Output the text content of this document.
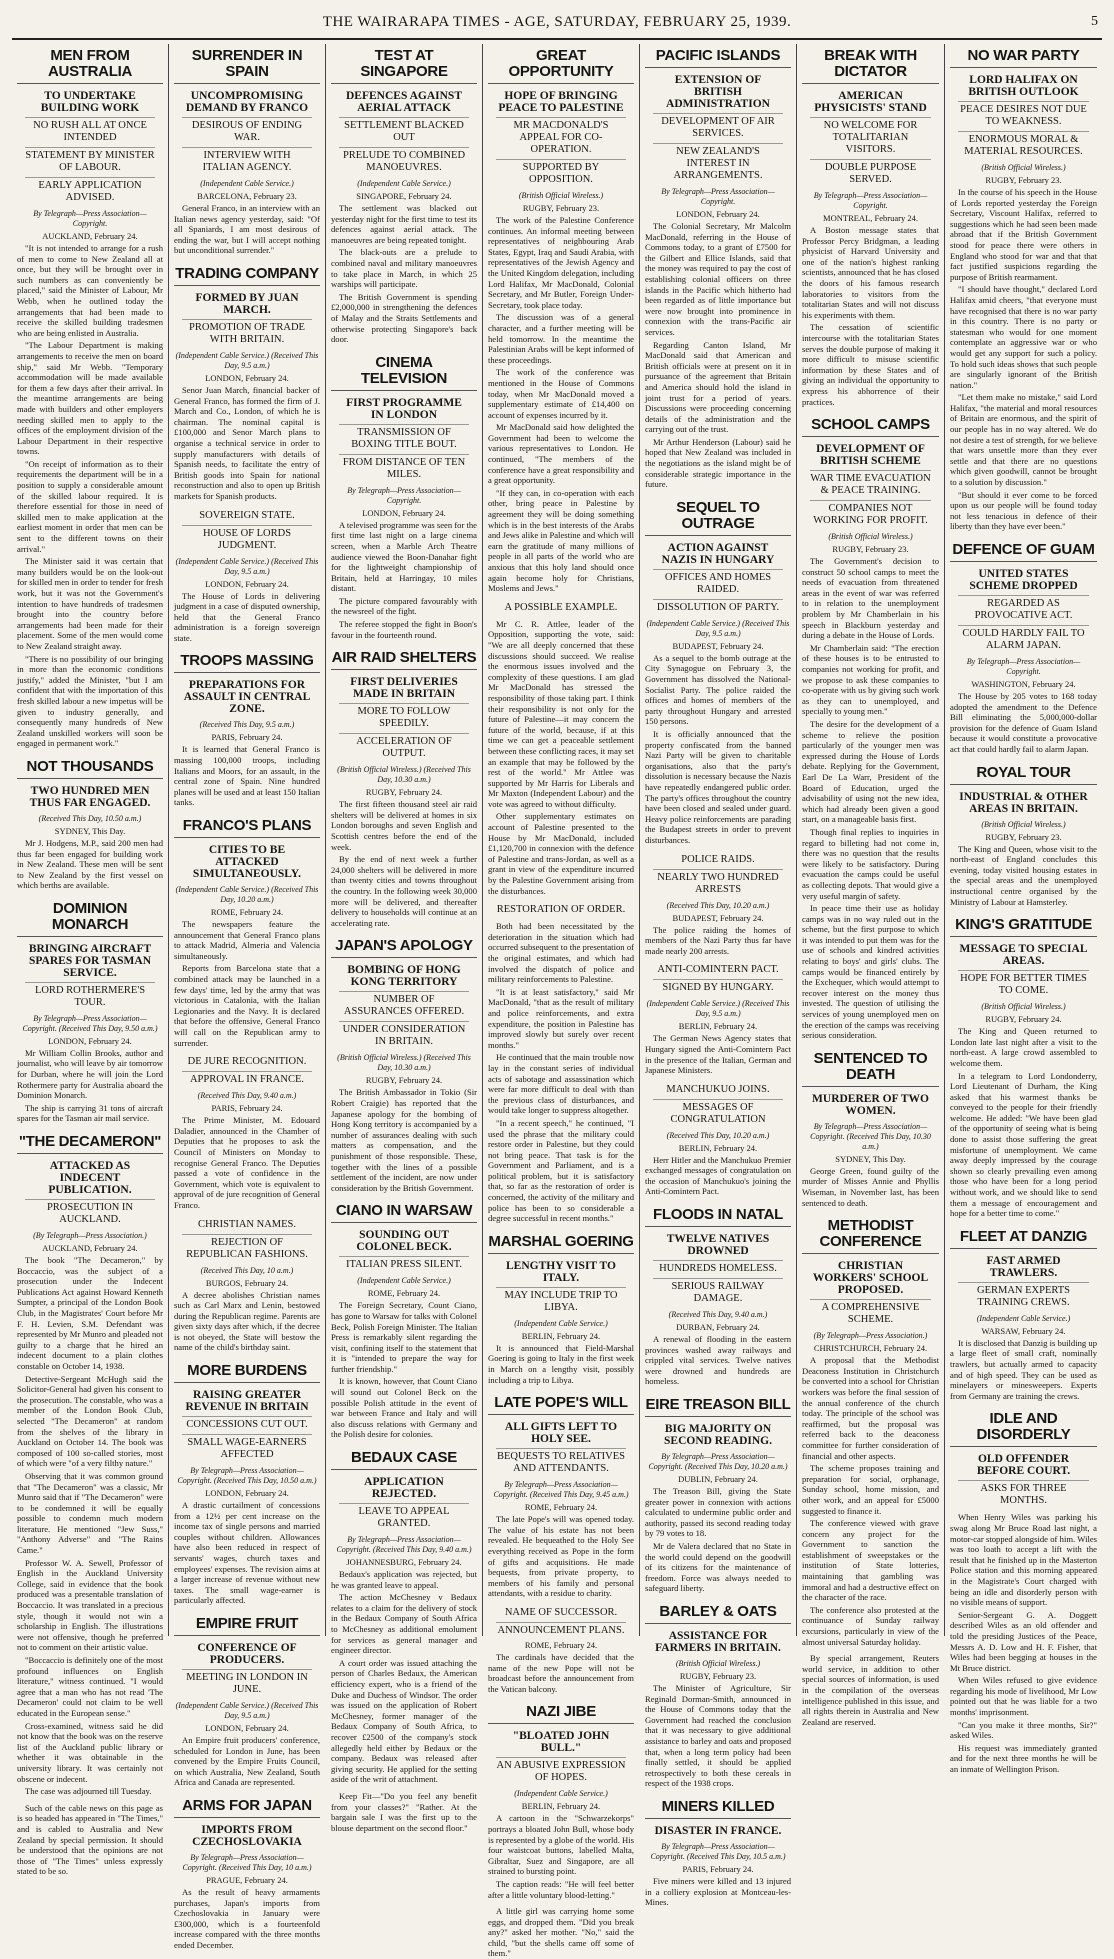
THE WAIRARAPA TIMES - AGE, SATURDAY, FEBRUARY 25, 1939.	5
MEN FROM AUSTRALIA
TO UNDERTAKE BUILDING WORK
NO RUSH ALL AT ONCE INTENDED
STATEMENT BY MINISTER OF LABOUR.
EARLY APPLICATION ADVISED.
By Telegraph—Press Association—Copyright.
AUCKLAND, February 24.

"It is not intended to arrange for a rush of men to come to New Zealand all at once, but they will be brought over in such numbers as can conveniently be placed," said the Minister of Labour, Mr Webb, when he outlined today the arrangements that had been made to receive the skilled building tradesmen who are being enlisted in Australia.

"The Labour Department is making arrangements to receive the men on board ship," said Mr Webb. "Temporary accommodation will be made available for them a few days after their arrival. In the meantime arrangements are being made with builders and other employers needing skilled men to apply to the offices of the employment division of the Labour Department in their respective towns.

"On receipt of information as to their requirements the department will be in a position to supply a considerable amount of the skilled labour required. It is therefore essential for those in need of skilled men to make application at the earliest moment in order that men can be sent to the different towns on their arrival."

The Minister said it was certain that many builders would be on the look-out for skilled men in order to tender for fresh work, but it was not the Government's intention to have hundreds of tradesmen brought into the country before arrangements had been made for their placement. Some of the men would come to New Zealand straight away.

"There is no possibility of our bringing in more than the economic conditions justify," added the Minister, "but I am confident that with the importation of this fresh skilled labour a new impetus will be given to industry generally, and consequently many hundreds of New Zealand unskilled workers will soon be engaged in permanent work."

NOT THOUSANDS
TWO HUNDRED MEN THUS FAR ENGAGED.
(Received This Day, 10.50 a.m.)
SYDNEY, This Day.

Mr J. Hodgens, M.P., said 200 men had thus far been engaged for building work in New Zealand. These men will be sent to New Zealand by the first vessel on which berths are available.

DOMINION MONARCH
BRINGING AIRCRAFT SPARES FOR TASMAN SERVICE.
LORD ROTHERMERE'S TOUR.
By Telegraph—Press Association—Copyright. (Received This Day, 9.50 a.m.)
LONDON, February 24.

Mr William Collin Brooks, author and journalist, who will leave by air tomorrow for Durban, where he will join the Lord Rothermere party for Australia aboard the Dominion Monarch.

The ship is carrying 31 tons of aircraft spares for the Tasman air mail service.

"THE DECAMERON"
ATTACKED AS INDECENT PUBLICATION.
PROSECUTION IN AUCKLAND.
(By Telegraph—Press Association.)
AUCKLAND, February 24.

The book "The Decameron," by Boccaccio, was the subject of a prosecution under the Indecent Publications Act against Howard Kenneth Sumpter, a principal of the London Book Club, in the Magistrates' Court before Mr F. H. Levien, S.M. Defendant was represented by Mr Munro and pleaded not guilty to a charge that he hired an indecent document to a plain clothes constable on October 14, 1938.

Detective-Sergeant McHugh said the Solicitor-General had given his consent to the prosecution. The constable, who was a member of the London Book Club, selected "The Decameron" at random from the shelves of the library in Auckland on October 14. The book was composed of 100 so-called stories, most of which were "of a very filthy nature."

Observing that it was common ground that "The Decameron" was a classic, Mr Munro said that if "The Decameron" were to be condemned it will be equally possible to condemn much modern literature. He mentioned "Jew Suss," "Anthony Adverse" and "The Rains Came."

Professor W. A. Sewell, Professor of English in the Auckland University College, said in evidence that the book produced was a presentable translation of Boccaccio. It was translated in a precious style, though it would not win a scholarship in English. The illustrations were not offensive, though he preferred not to comment on their artistic value.

"Boccaccio is definitely one of the most profound influences on English literature," witness continued. "I would agree that a man who has not read 'The Decameron' could not claim to be well educated in the European sense."

Cross-examined, witness said he did not know that the book was on the reserve list of the Auckland public library or whether it was obtainable in the university library. It was certainly not obscene or indecent.

The case was adjourned till Tuesday.

Such of the cable news on this page as is so headed has appeared in "The Times," and is cabled to Australia and New Zealand by special permission. It should be understood that the opinions are not those of "The Times" unless expressly stated to be so.

SURRENDER IN SPAIN
UNCOMPROMISING DEMAND BY FRANCO
DESIROUS OF ENDING WAR.
INTERVIEW WITH ITALIAN AGENCY.
(Independent Cable Service.)
BARCELONA, February 23.

General Franco, in an interview with an Italian news agency yesterday, said: "Of all Spaniards, I am most desirous of ending the war, but I will accept nothing but unconditional surrender."

TRADING COMPANY
FORMED BY JUAN MARCH.
PROMOTION OF TRADE WITH BRITAIN.
(Independent Cable Service.) (Received This Day, 9.5 a.m.)
LONDON, February 24.

Senor Juan March, financial backer of General Franco, has formed the firm of J. March and Co., London, of which he is chairman. The nominal capital is £100,000 and Senor March plans to organise a technical service in order to supply manufacturers with details of Spanish needs, to facilitate the entry of British goods into Spain for national reconstruction and also to open up British markets for Spanish products.

SOVEREIGN STATE.
HOUSE OF LORDS JUDGMENT.
(Independent Cable Service.) (Received This Day, 9.5 a.m.)
LONDON, February 24.

The House of Lords in delivering judgment in a case of disputed ownership, held that the General Franco administration is a foreign sovereign state.

TROOPS MASSING
PREPARATIONS FOR ASSAULT IN CENTRAL ZONE.
(Received This Day, 9.5 a.m.)
PARIS, February 24.

It is learned that General Franco is massing 100,000 troops, including Italians and Moors, for an assault, in the central zone of Spain. Nine hundred planes will be used and at least 150 Italian tanks.

FRANCO'S PLANS
CITIES TO BE ATTACKED SIMULTANEOUSLY.
(Independent Cable Service.) (Received This Day, 10.20 a.m.)
ROME, February 24.

The newspapers feature the announcement that General Franco plans to attack Madrid, Almeria and Valencia simultaneously.

Reports from Barcelona state that a combined attack may be launched in a few days' time, led by the army that was victorious in Catalonia, with the Italian Legionaries and the Navy. It is declared that before the offensive, General Franco will call on the Republican army to surrender.

DE JURE RECOGNITION.
APPROVAL IN FRANCE.
(Received This Day, 9.40 a.m.)
PARIS, February 24.

The Prime Minister, M. Edouard Daladier, announced in the Chamber of Deputies that he proposes to ask the Council of Ministers on Monday to recognise General Franco. The Deputies passed a vote of confidence in the Government, which vote is equivalent to approval of de jure recognition of General Franco.

CHRISTIAN NAMES.
REJECTION OF REPUBLICAN FASHIONS.
(Received This Day, 10 a.m.)
BURGOS, February 24.

A decree abolishes Christian names such as Carl Marx and Lenin, bestowed during the Republican regime. Parents are given sixty days after which, if the decree is not obeyed, the State will bestow the name of the child's birthday saint.

MORE BURDENS
RAISING GREATER REVENUE IN BRITAIN
CONCESSIONS CUT OUT.
SMALL WAGE-EARNERS AFFECTED
By Telegraph—Press Association—Copyright. (Received This Day, 10.50 a.m.)
LONDON, February 24.

A drastic curtailment of concessions from a 12½ per cent increase on the income tax of single persons and married couples without children. Allowances have also been reduced in respect of servants' wages, church taxes and employees' expenses. The revision aims at a larger increase of revenue without new taxes. The small wage-earner is particularly affected.

EMPIRE FRUIT
CONFERENCE OF PRODUCERS.
MEETING IN LONDON IN JUNE.
(Independent Cable Service.) (Received This Day, 9.5 a.m.)
LONDON, February 24.

An Empire fruit producers' conference, scheduled for London in June, has been convened by the Empire Fruits Council, on which Australia, New Zealand, South Africa and Canada are represented.

ARMS FOR JAPAN
IMPORTS FROM CZECHOSLOVAKIA
By Telegraph—Press Association—Copyright. (Received This Day, 10 a.m.)
PRAGUE, February 24.

As the result of heavy armaments purchases, Japan's imports from Czechoslovakia in January were £300,000, which is a fourteenfold increase compared with the three months ended December.

TEST AT SINGAPORE
DEFENCES AGAINST AERIAL ATTACK
SETTLEMENT BLACKED OUT
PRELUDE TO COMBINED MANOEUVRES.
(Independent Cable Service.)
SINGAPORE, February 24.

The settlement was blacked out yesterday night for the first time to test its defences against aerial attack. The manoeuvres are being repeated tonight.

The black-outs are a prelude to combined naval and military manoeuvres to take place in March, in which 25 warships will participate.

The British Government is spending £2,000,000 in strengthening the defences of Malay and the Straits Settlements and otherwise protecting Singapore's back door.

CINEMA TELEVISION
FIRST PROGRAMME IN LONDON
TRANSMISSION OF BOXING TITLE BOUT.
FROM DISTANCE OF TEN MILES.
By Telegraph—Press Association—Copyright.
LONDON, February 24.

A televised programme was seen for the first time last night on a large cinema screen, when a Marble Arch Theatre audience viewed the Boon-Danahar fight for the lightweight championship of Britain, held at Harringay, 10 miles distant.

The picture compared favourably with the newsreel of the fight.

The referee stopped the fight in Boon's favour in the fourteenth round.

AIR RAID SHELTERS
FIRST DELIVERIES MADE IN BRITAIN
MORE TO FOLLOW SPEEDILY.
ACCELERATION OF OUTPUT.
(British Official Wireless.) (Received This Day, 10.30 a.m.)
RUGBY, February 24.

The first fifteen thousand steel air raid shelters will be delivered at homes in six London boroughs and seven English and Scottish centres before the end of the week.

By the end of next week a further 24,000 shelters will be delivered in more than twenty cities and towns throughout the country. In the following week 30,000 more will be delivered, and thereafter delivery to households will continue at an accelerating rate.

JAPAN'S APOLOGY
BOMBING OF HONG KONG TERRITORY
NUMBER OF ASSURANCES OFFERED.
UNDER CONSIDERATION IN BRITAIN.
(British Official Wireless.) (Received This Day, 10.30 a.m.)
RUGBY, February 24.

The British Ambassador in Tokio (Sir Robert Craigie) has reported that the Japanese apology for the bombing of Hong Kong territory is accompanied by a number of assurances dealing with such matters as compensation, and the punishment of those responsible. These, together with the lines of a possible settlement of the incident, are now under consideration by the British Government.

CIANO IN WARSAW
SOUNDING OUT COLONEL BECK.
ITALIAN PRESS SILENT.
(Independent Cable Service.)
ROME, February 24.

The Foreign Secretary, Count Ciano, has gone to Warsaw for talks with Colonel Beck, Polish Foreign Minister. The Italian Press is remarkably silent regarding the visit, confining itself to the statement that it is "intended to prepare the way for further friendship."

It is known, however, that Count Ciano will sound out Colonel Beck on the possible Polish attitude in the event of war between France and Italy and will also discuss relations with Germany and the Polish desire for colonies.

BEDAUX CASE
APPLICATION REJECTED.
LEAVE TO APPEAL GRANTED.
By Telegraph—Press Association—Copyright. (Received This Day, 9.40 a.m.)
JOHANNESBURG, February 24.

Bedaux's application was rejected, but he was granted leave to appeal.

The action McChesney v Bedaux relates to a claim for the delivery of stock in the Bedaux Company of South Africa to McChesney as additional emolument for services as general manager and engineer director.

A court order was issued attaching the person of Charles Bedaux, the American efficiency expert, who is a friend of the Duke and Duchess of Windsor. The order was issued on the application of Robert McChesney, former manager of the Bedaux Company of South Africa, to recover £2500 of the company's stock allegedly held either by Bedaux or the company. Bedaux was released after giving security. He applied for the setting aside of the writ of attachment.

Keep Fit—"Do you feel any benefit from your classes?" "Rather. At the bargain sale I was the first up to the blouse department on the second floor."

GREAT OPPORTUNITY
HOPE OF BRINGING PEACE TO PALESTINE
MR MACDONALD'S APPEAL FOR CO-OPERATION.
SUPPORTED BY OPPOSITION.
(British Official Wireless.)
RUGBY, February 23.

The work of the Palestine Conference continues. An informal meeting between representatives of neighbouring Arab States, Egypt, Iraq and Saudi Arabia, with representatives of the Jewish Agency and the United Kingdom delegation, including Lord Halifax, Mr MacDonald, Colonial Secretary, and Mr Butler, Foreign Under-Secretary, took place today.

The discussion was of a general character, and a further meeting will be held tomorrow. In the meantime the Palestinian Arabs will be kept informed of these proceedings.

The work of the conference was mentioned in the House of Commons today, when Mr MacDonald moved a supplementary estimate of £14,400 on account of expenses incurred by it.

Mr MacDonald said how delighted the Government had been to welcome the various representatives to London. He continued, "The members of the conference have a great responsibility and a great opportunity.

"If they can, in co-operation with each other, bring peace in Palestine by agreement they will be doing something which is in the best interests of the Arabs and Jews alike in Palestine and which will earn the gratitude of many millions of people in all parts of the world who are anxious that this holy land should once again become holy for Christians, Moslems and Jews."

A POSSIBLE EXAMPLE.

Mr C. R. Attlee, leader of the Opposition, supporting the vote, said: "We are all deeply concerned that these discussions should succeed. We realise the enormous issues involved and the complexity of these questions. I am glad Mr MacDonald has stressed the responsibility of those taking part. I think their responsibility is not only for the future of Palestine—it may concern the future of the world, because, if at this time we can get a peaceable settlement between these conflicting races, it may set an example that may be followed by the rest of the world." Mr Attlee was supported by Mr Harris for Liberals and Mr Maxton (Independent Labour) and the vote was agreed to without difficulty.

Other supplementary estimates on account of Palestine presented to the House by Mr MacDonald, included £1,120,700 in connexion with the defence of Palestine and trans-Jordan, as well as a grant in view of the expenditure incurred by the Palestine Government arising from the disturbances.

RESTORATION OF ORDER.

Both had been necessitated by the deterioration in the situation which had occurred subsequent to the presentation of the original estimates, and which had involved the dispatch of police and military reinforcements to Palestine.

"It is at least satisfactory," said Mr MacDonald, "that as the result of military and police reinforcements, and extra expenditure, the position in Palestine has improved slowly but surely over recent months."

He continued that the main trouble now lay in the constant series of individual acts of sabotage and assassination which were far more difficult to deal with than the previous class of disturbances, and would take longer to suppress altogether.

"In a recent speech," he continued, "I used the phrase that the military could restore order in Palestine, but they could not bring peace. That task is for the Government and Parliament, and is a political problem, but it is satisfactory that, so far as the restoration of order is concerned, the activity of the military and police has been to so considerable a degree successful in recent months."

MARSHAL GOERING
LENGTHY VISIT TO ITALY.
MAY INCLUDE TRIP TO LIBYA.
(Independent Cable Service.)
BERLIN, February 24.

It is announced that Field-Marshal Goering is going to Italy in the first week in March on a lengthy visit, possibly including a trip to Libya.

LATE POPE'S WILL
ALL GIFTS LEFT TO HOLY SEE.
BEQUESTS TO RELATIVES AND ATTENDANTS.
By Telegraph—Press Association—Copyright. (Received This Day, 9.45 a.m.)
ROME, February 24.

The late Pope's will was opened today. The value of his estate has not been revealed. He bequeathed to the Holy See everything received as Pope in the form of gifts and acquisitions. He made bequests, from private property, to members of his family and personal attendants, with a residue to charity.

NAME OF SUCCESSOR.
ANNOUNCEMENT PLANS.
ROME, February 24.

The cardinals have decided that the name of the new Pope will not be broadcast before the announcement from the Vatican balcony.

NAZI JIBE
"BLOATED JOHN BULL."
AN ABUSIVE EXPRESSION OF HOPES.
(Independent Cable Service.)
BERLIN, February 24.

A cartoon in the "Schwarzekorps" portrays a bloated John Bull, whose body is represented by a globe of the world. His four waistcoat buttons, labelled Malta, Gibraltar, Suez and Singapore, are all strained to bursting point.

The caption reads: "He will feel better after a little voluntary blood-letting."

A little girl was carrying home some eggs, and dropped them. "Did you break any?" asked her mother. "No," said the child, "but the shells came off some of them."

PACIFIC ISLANDS
EXTENSION OF BRITISH ADMINISTRATION
DEVELOPMENT OF AIR SERVICES.
NEW ZEALAND'S INTEREST IN ARRANGEMENTS.
By Telegraph—Press Association—Copyright.
LONDON, February 24.

The Colonial Secretary, Mr Malcolm MacDonald, referring in the House of Commons today, to a grant of £7500 for the Gilbert and Ellice Islands, said that the money was required to pay the cost of establishing colonial officers on three islands in the Pacific which hitherto had been regarded as of little importance but were now brought into prominence in connexion with the trans-Pacific air services.

Regarding Canton Island, Mr MacDonald said that American and British officials were at present on it in pursuance of the agreement that Britain and America should hold the island in joint trust for a period of years. Discussions were proceeding concerning details of the administration and the carrying out of the trust.

Mr Arthur Henderson (Labour) said he hoped that New Zealand was included in the negotiations as the island might be of considerable strategic importance in the future.

SEQUEL TO OUTRAGE
ACTION AGAINST NAZIS IN HUNGARY
OFFICES AND HOMES RAIDED.
DISSOLUTION OF PARTY.
(Independent Cable Service.) (Received This Day, 9.5 a.m.)
BUDAPEST, February 24.

As a sequel to the bomb outrage at the City Synagogue on February 3, the Government has dissolved the National-Socialist Party. The police raided the offices and homes of members of the party throughout Hungary and arrested 150 persons.

It is officially announced that the property confiscated from the banned Nazi Party will be given to charitable organisations, also that the party's dissolution is necessary because the Nazis have repeatedly endangered public order. The party's offices throughout the country have been closed and sealed under guard. Heavy police reinforcements are parading the Budapest streets in order to prevent disturbances.

POLICE RAIDS.
NEARLY TWO HUNDRED ARRESTS
(Received This Day, 10.20 a.m.)
BUDAPEST, February 24.

The police raiding the homes of members of the Nazi Party thus far have made nearly 200 arrests.

ANTI-COMINTERN PACT.
SIGNED BY HUNGARY.
(Independent Cable Service.) (Received This Day, 9.5 a.m.)
BERLIN, February 24.

The German News Agency states that Hungary signed the Anti-Comintern Pact in the presence of the Italian, German and Japanese Ministers.

MANCHUKUO JOINS.
MESSAGES OF CONGRATULATION
(Received This Day, 10.20 a.m.)
BERLIN, February 24.

Herr Hitler and the Manchukuo Premier exchanged messages of congratulation on the occasion of Manchukuo's joining the Anti-Comintern Pact.

FLOODS IN NATAL
TWELVE NATIVES DROWNED
HUNDREDS HOMELESS.
SERIOUS RAILWAY DAMAGE.
(Received This Day, 9.40 a.m.)
DURBAN, February 24.

A renewal of flooding in the eastern provinces washed away railways and crippled vital services. Twelve natives were drowned and hundreds are homeless.

EIRE TREASON BILL
BIG MAJORITY ON SECOND READING.
By Telegraph—Press Association—Copyright. (Received This Day, 10.20 a.m.)
DUBLIN, February 24.

The Treason Bill, giving the State greater power in connexion with actions calculated to undermine public order and authority, passed its second reading today by 79 votes to 18.

Mr de Valera declared that no State in the world could depend on the goodwill of its citizens for the maintenance of freedom. Force was always needed to safeguard liberty.

BARLEY & OATS
ASSISTANCE FOR FARMERS IN BRITAIN.
(British Official Wireless.)
RUGBY, February 23.

The Minister of Agriculture, Sir Reginald Dorman-Smith, announced in the House of Commons today that the Government had reached the conclusion that it was necessary to give additional assistance to barley and oats and proposed that, when a long term policy had been finally settled, it should be applied retrospectively to both these cereals in respect of the 1938 crops.

MINERS KILLED
DISASTER IN FRANCE.
By Telegraph—Press Association—Copyright. (Received This Day, 10.5 a.m.)
PARIS, February 24.

Five miners were killed and 13 injured in a colliery explosion at Montceau-les-Mines.

BREAK WITH DICTATOR
AMERICAN PHYSICISTS' STAND
NO WELCOME FOR TOTALITARIAN VISITORS.
DOUBLE PURPOSE SERVED.
By Telegraph—Press Association—Copyright.
MONTREAL, February 24.

A Boston message states that Professor Percy Bridgman, a leading physicist of Harvard University and one of the nation's highest ranking scientists, announced that he has closed the doors of his famous research laboratories to visitors from the totalitarian States and will not discuss his experiments with them.

The cessation of scientific intercourse with the totalitarian States serves the double purpose of making it more difficult to misuse scientific information by these States and of giving an individual the opportunity to express his abhorrence of their practices.

SCHOOL CAMPS
DEVELOPMENT OF BRITISH SCHEME
WAR TIME EVACUATION & PEACE TRAINING.
COMPANIES NOT WORKING FOR PROFIT.
(British Official Wireless.)
RUGBY, February 23.

The Government's decision to construct 50 school camps to meet the needs of evacuation from threatened areas in the event of war was referred to in relation to the unemployment problem by Mr Chamberlain in his speech in Blackburn yesterday and during a debate in the House of Lords.

Mr Chamberlain said: "The erection of these houses is to be entrusted to companies not working for profit, and we propose to ask these companies to co-operate with us by giving such work as they can to unemployed, and specially to young men."

The desire for the development of a scheme to relieve the position particularly of the younger men was expressed during the House of Lords debate. Replying for the Government, Earl De La Warr, President of the Board of Education, urged the advisability of using not the new idea, which had already been given a good start, on a manageable basis first.

Though final replies to inquiries in regard to billeting had not come in, there was no question that the results were likely to be satisfactory. During evacuation the camps could be useful as collecting depots. That would give a very useful margin of safety.

In peace time their use as holiday camps was in no way ruled out in the scheme, but the first purpose to which it was intended to put them was for the use of schools and kindred activities relating to boys' and girls' clubs. The camps would be financed entirely by the Exchequer, which would attempt to recover interest on the money thus invested. The question of utilising the services of young unemployed men on the erection of the camps was receiving serious consideration.

SENTENCED TO DEATH
MURDERER OF TWO WOMEN.
By Telegraph—Press Association—Copyright. (Received This Day, 10.30 a.m.)
SYDNEY, This Day.

George Green, found guilty of the murder of Misses Annie and Phyllis Wiseman, in November last, has been sentenced to death.

METHODIST CONFERENCE
CHRISTIAN WORKERS' SCHOOL PROPOSED.
A COMPREHENSIVE SCHEME.
(By Telegraph—Press Association.)
CHRISTCHURCH, February 24.

A proposal that the Methodist Deaconess Institution in Christchurch be converted into a school for Christian workers was before the final session of the annual conference of the church today. The principle of the school was reaffirmed, but the proposal was referred back to the deaconess committee for further consideration of financial and other aspects.

The scheme proposes training and preparation for social, orphanage, Sunday school, home mission, and other work, and an appeal for £5000 suggested to finance it.

The conference viewed with grave concern any project for the Government to sanction the establishment of sweepstakes or the institution of State lotteries, maintaining that gambling was immoral and had a destructive effect on the character of the race.

The conference also protested at the continuance of Sunday railway excursions, particularly in view of the almost universal Saturday holiday.

By special arrangement, Reuters world service, in addition to other special sources of information, is used in the compilation of the overseas intelligence published in this issue, and all rights therein in Australia and New Zealand are reserved.

NO WAR PARTY
LORD HALIFAX ON BRITISH OUTLOOK
PEACE DESIRES NOT DUE TO WEAKNESS.
ENORMOUS MORAL & MATERIAL RESOURCES.
(British Official Wireless.)
RUGBY, February 23.

In the course of his speech in the House of Lords reported yesterday the Foreign Secretary, Viscount Halifax, referred to suggestions which he had seen been made abroad that if the British Government stood for peace there were others in England who stood for war and that that fact justified suspicions regarding the purpose of British rearmament.

"I should have thought," declared Lord Halifax amid cheers, "that everyone must have recognised that there is no war party in this country. There is no party or statesman who would for one moment contemplate an aggressive war or who would get any support for such a policy. To hold such ideas shows that such people are singularly ignorant of the British nation."

"Let them make no mistake," said Lord Halifax, "the material and moral resources of Britain are enormous, and the spirit of our people has in no way altered. We do not desire a test of strength, for we believe that wars unsettle more than they ever settle and that there are no questions which given goodwill, cannot be brought to a solution by discussion."

"But should it ever come to be forced upon us our people will be found today not less tenacious in defence of their liberty than they have ever been."

DEFENCE OF GUAM
UNITED STATES SCHEME DROPPED
REGARDED AS PROVOCATIVE ACT.
COULD HARDLY FAIL TO ALARM JAPAN.
By Telegraph—Press Association—Copyright.
WASHINGTON, February 24.

The House by 205 votes to 168 today adopted the amendment to the Defence Bill eliminating the 5,000,000-dollar provision for the defence of Guam Island because it would constitute a provocative act that could hardly fail to alarm Japan.

ROYAL TOUR
INDUSTRIAL & OTHER AREAS IN BRITAIN.
(British Official Wireless.)
RUGBY, February 23.

The King and Queen, whose visit to the north-east of England concludes this evening, today visited housing estates in the special areas and the unemployed instructional centre organised by the Ministry of Labour at Hamsterley.

KING'S GRATITUDE
MESSAGE TO SPECIAL AREAS.
HOPE FOR BETTER TIMES TO COME.
(British Official Wireless.)
RUGBY, February 24.

The King and Queen returned to London late last night after a visit to the north-east. A large crowd assembled to welcome them.

In a telegram to Lord Londonderry, Lord Lieutenant of Durham, the King asked that his warmest thanks be conveyed to the people for their friendly welcome. He added: "We have been glad of the opportunity of seeing what is being done to assist those suffering the great misfortune of unemployment. We came away deeply impressed by the courage shown so clearly prevailing even among those who have been for a long period without work, and we should like to send them a message of encouragement and hope for a better time to come."

FLEET AT DANZIG
FAST ARMED TRAWLERS.
GERMAN EXPERTS TRAINING CREWS.
(Independent Cable Service.)
WARSAW, February 24.

It is disclosed that Danzig is building up a large fleet of small craft, nominally trawlers, but actually armed to capacity and of high speed. They can be used as minelayers or minesweepers. Experts from Germany are training the crews.

IDLE AND DISORDERLY
OLD OFFENDER BEFORE COURT.
ASKS FOR THREE MONTHS.

When Henry Wiles was parking his swag along Mr Bruce Road last night, a motor-car stopped alongside of him. Wiles was too loath to accept a lift with the result that he finished up in the Masterton Police station and this morning appeared in the Magistrate's Court charged with being an idle and disorderly person with no visible means of support.

Senior-Sergeant G. A. Doggett described Wiles as an old offender and told the presiding Justices of the Peace, Messrs A. D. Low and H. F. Fisher, that Wiles had been begging at houses in the Mt Bruce district.

When Wiles refused to give evidence regarding his mode of livelihood, Mr Low pointed out that he was liable for a two months' imprisonment.

"Can you make it three months, Sir?" asked Wiles.

His request was immediately granted and for the next three months he will be an inmate of Wellington Prison.
